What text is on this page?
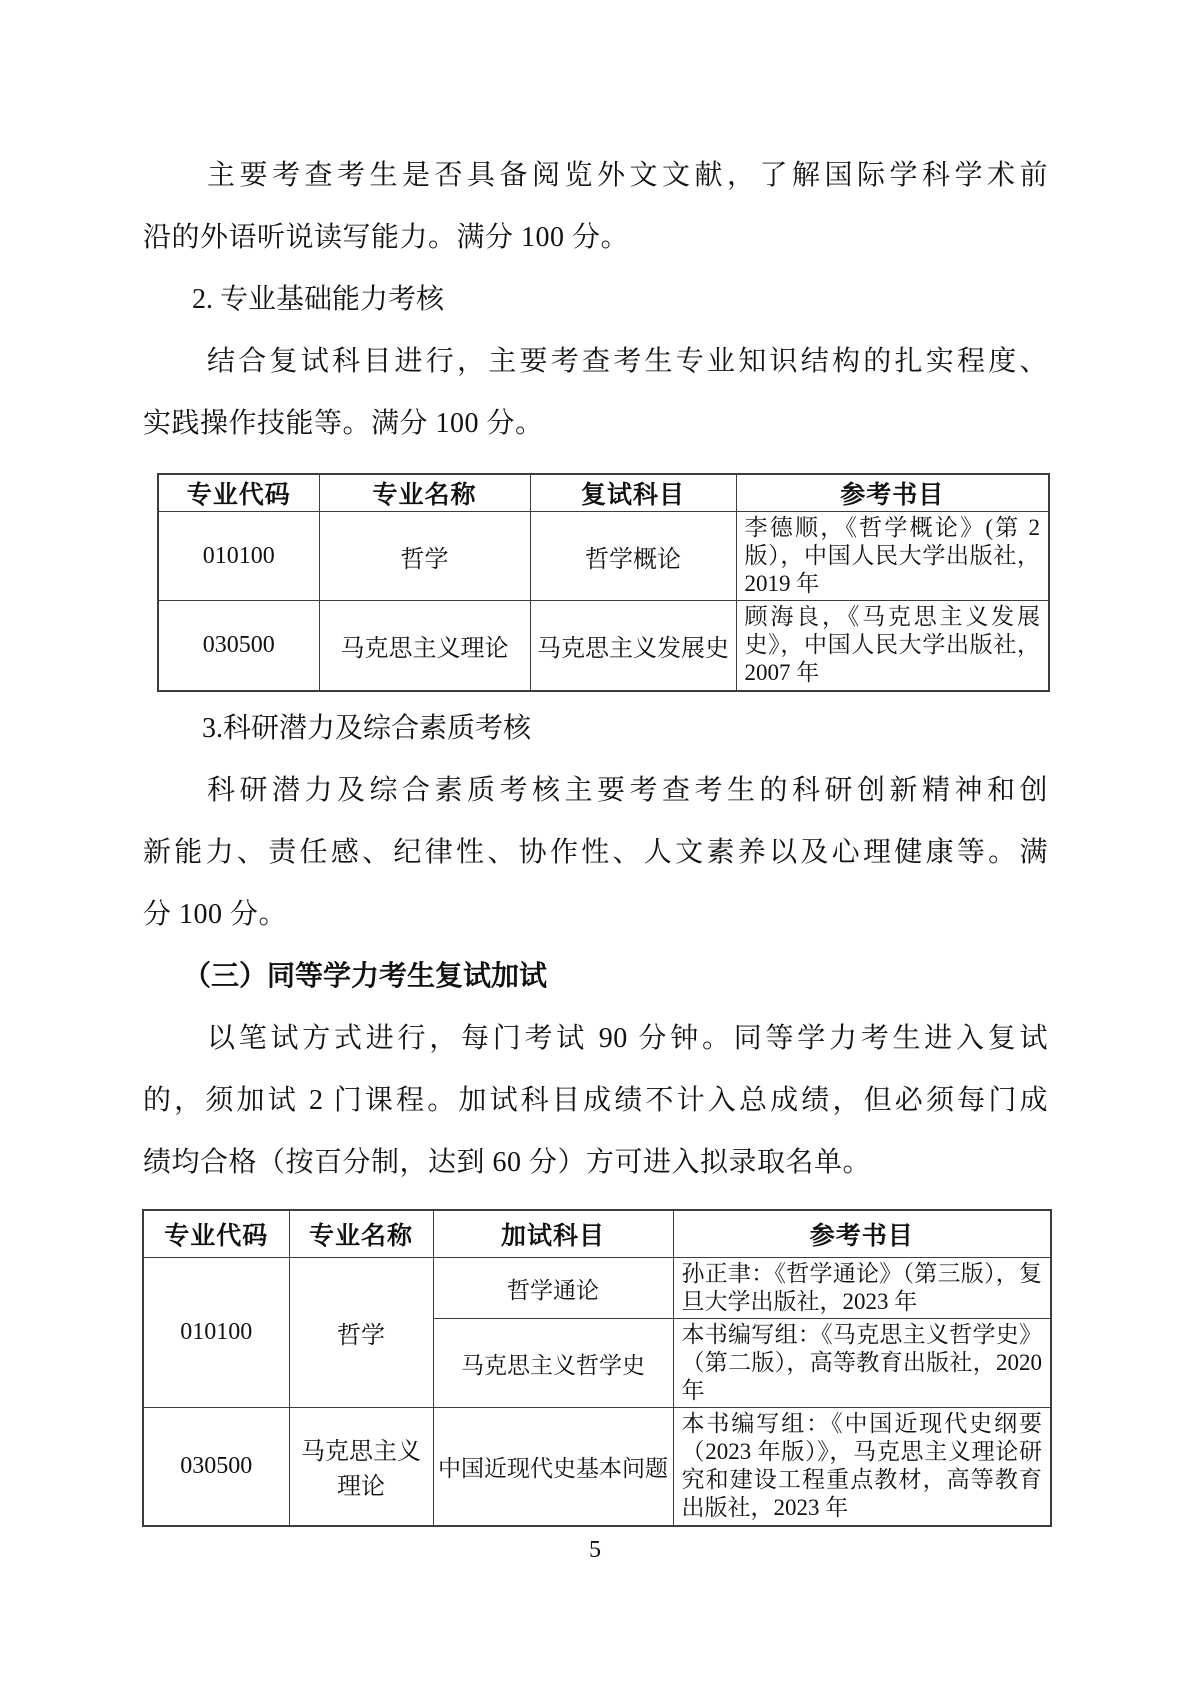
主要考查考生是否具备阅览外文文献，了解国际学科学术前
沿的外语听说读写能力。满分 100 分。
2. 专业基础能力考核
结合复试科目进行，主要考查考生专业知识结构的扎实程度、
实践操作技能等。满分 100 分。
专业代码	专业名称	复试科目	参考书目
010100	哲学	哲学概论	李德顺，《哲学概论》(第 2 版），中国人民大学出版社，2019 年
030500	马克思主义理论	马克思主义发展史	顾海良，《马克思主义发展史》，中国人民大学出版社，2007 年
3.科研潜力及综合素质考核
科研潜力及综合素质考核主要考查考生的科研创新精神和创
新能力、责任感、纪律性、协作性、人文素养以及心理健康等。满
分 100 分。
（三）同等学力考生复试加试
以笔试方式进行，每门考试 90 分钟。同等学力考生进入复试
的，须加试 2 门课程。加试科目成绩不计入总成绩，但必须每门成
绩均合格（按百分制，达到 60 分）方可进入拟录取名单。
专业代码	专业名称	加试科目	参考书目
010100	哲学	哲学通论	孙正聿：《哲学通论》（第三版），复旦大学出版社，2023 年
		马克思主义哲学史	本书编写组：《马克思主义哲学史》（第二版），高等教育出版社，2020 年
030500	马克思主义理论	中国近现代史基本问题	本书编写组：《中国近现代史纲要（2023 年版）》，马克思主义理论研究和建设工程重点教材，高等教育出版社，2023 年
5
